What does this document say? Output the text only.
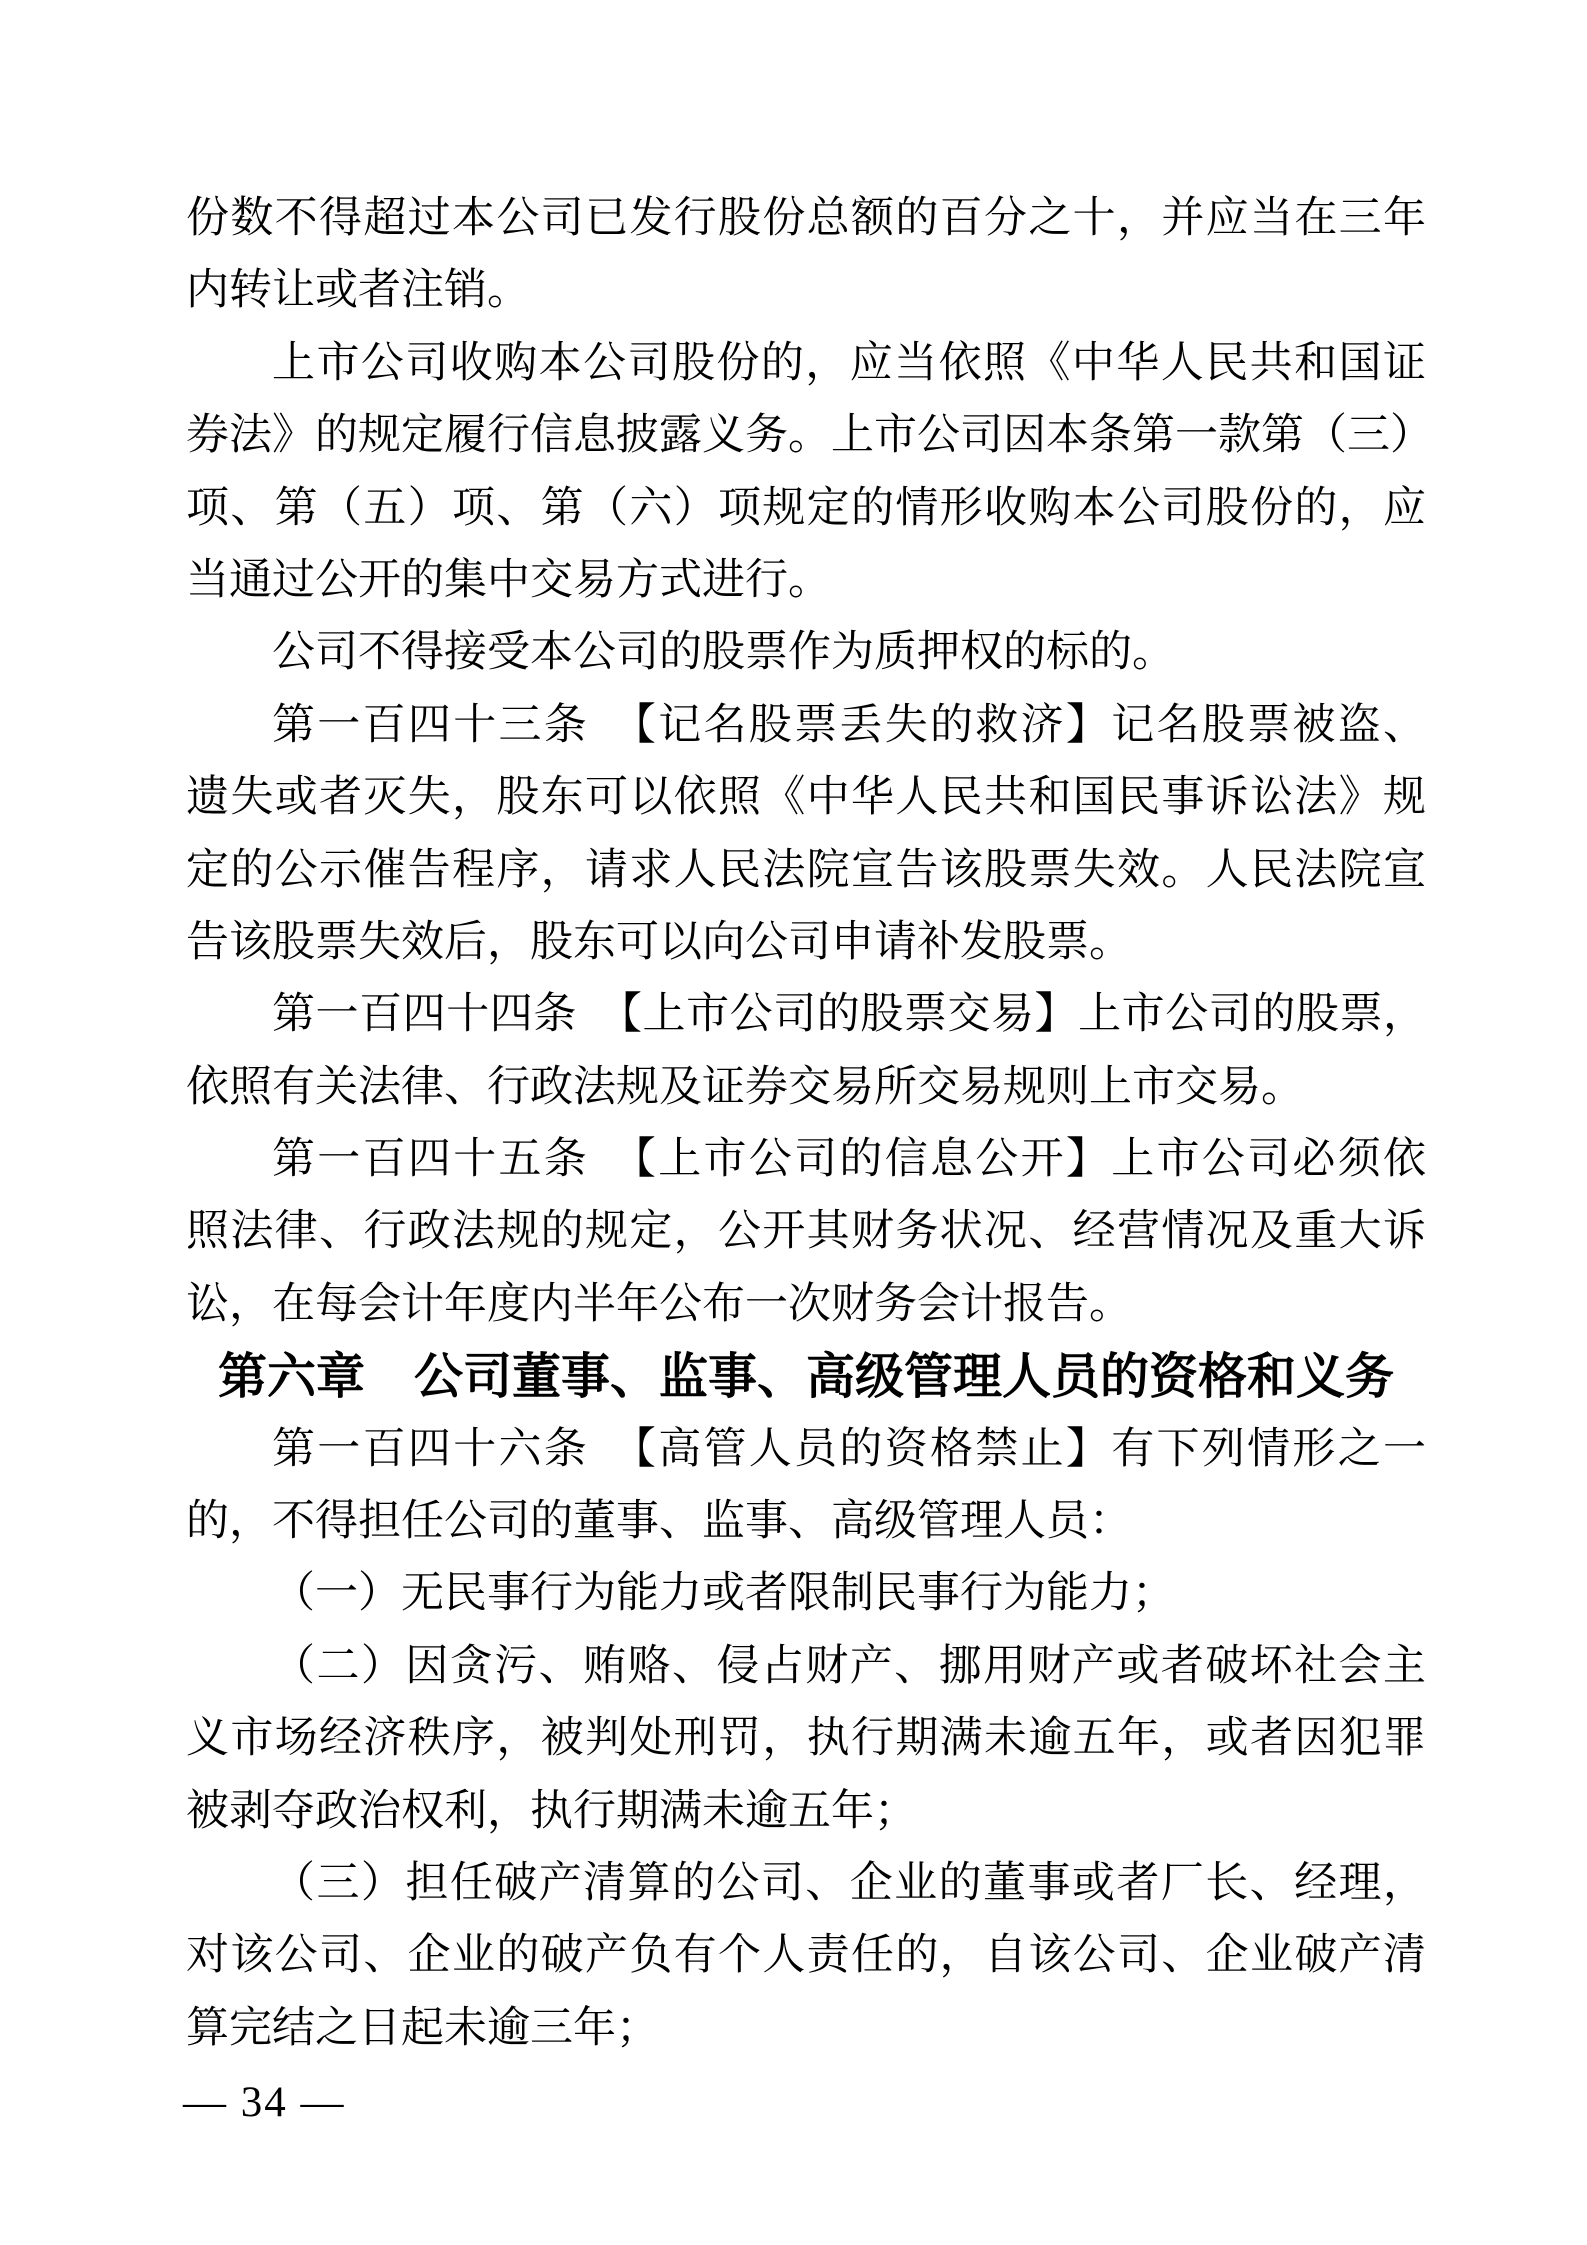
份数不得超过本公司已发行股份总额的百分之十，并应当在三年
内转让或者注销。
上市公司收购本公司股份的，应当依照《中华人民共和国证
券法》的规定履行信息披露义务。上市公司因本条第一款第（三）
项、第（五）项、第（六）项规定的情形收购本公司股份的，应
当通过公开的集中交易方式进行。
公司不得接受本公司的股票作为质押权的标的。
第一百四十三条　【记名股票丢失的救济】记名股票被盗、
遗失或者灭失，股东可以依照《中华人民共和国民事诉讼法》规
定的公示催告程序，请求人民法院宣告该股票失效。人民法院宣
告该股票失效后，股东可以向公司申请补发股票。
第一百四十四条　【上市公司的股票交易】上市公司的股票，
依照有关法律、行政法规及证券交易所交易规则上市交易。
第一百四十五条　【上市公司的信息公开】上市公司必须依
照法律、行政法规的规定，公开其财务状况、经营情况及重大诉
讼，在每会计年度内半年公布一次财务会计报告。
第六章　公司董事、监事、高级管理人员的资格和义务
第一百四十六条　【高管人员的资格禁止】有下列情形之一
的，不得担任公司的董事、监事、高级管理人员：
（一）无民事行为能力或者限制民事行为能力；
（二）因贪污、贿赂、侵占财产、挪用财产或者破坏社会主
义市场经济秩序，被判处刑罚，执行期满未逾五年，或者因犯罪
被剥夺政治权利，执行期满未逾五年；
（三）担任破产清算的公司、企业的董事或者厂长、经理，
对该公司、企业的破产负有个人责任的，自该公司、企业破产清
算完结之日起未逾三年；
— 34 —
